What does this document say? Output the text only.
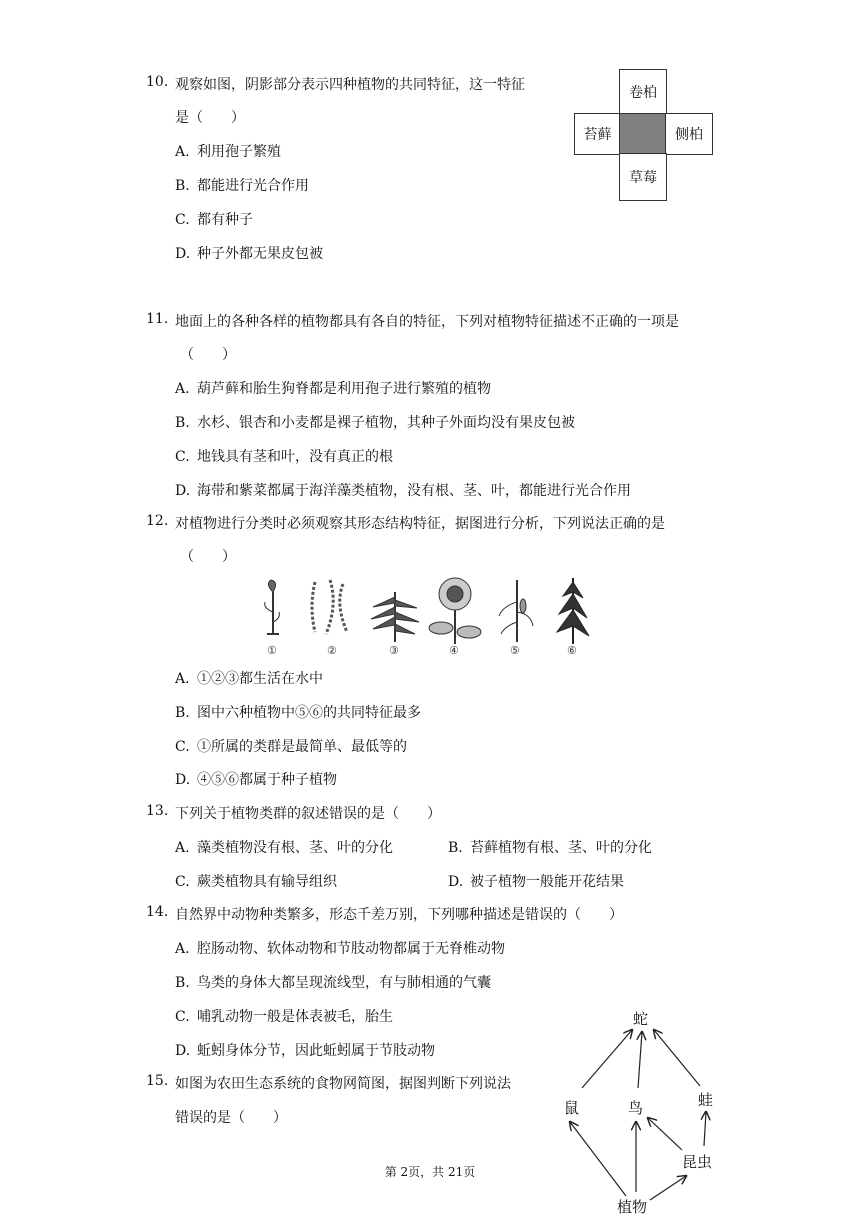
10. 观察如图，阴影部分表示四种植物的共同特征，这一特征
是（　　）
A. 利用孢子繁殖
B. 都能进行光合作用
C. 都有种子
D. 种子外都无果皮包被
卷柏
苔藓	侧柏
草莓
11. 地面上的各种各样的植物都具有各自的特征，下列对植物特征描述不正确的一项是
（　　）
A. 葫芦藓和胎生狗脊都是利用孢子进行繁殖的植物
B. 水杉、银杏和小麦都是裸子植物，其种子外面均没有果皮包被
C. 地钱具有茎和叶，没有真正的根
D. 海带和紫菜都属于海洋藻类植物，没有根、茎、叶，都能进行光合作用
12. 对植物进行分类时必须观察其形态结构特征，据图进行分析，下列说法正确的是
（　　）
①	②	③	④	⑤	⑥
A. ①②③都生活在水中
B. 图中六种植物中⑤⑥的共同特征最多
C. ①所属的类群是最简单、最低等的
D. ④⑤⑥都属于种子植物
13. 下列关于植物类群的叙述错误的是（　　）
A. 藻类植物没有根、茎、叶的分化	B. 苔藓植物有根、茎、叶的分化
C. 蕨类植物具有输导组织	D. 被子植物一般能开花结果
14. 自然界中动物种类繁多，形态千差万别，下列哪种描述是错误的（　　）
A. 腔肠动物、软体动物和节肢动物都属于无脊椎动物
B. 鸟类的身体大都呈现流线型，有与肺相通的气囊
C. 哺乳动物一般是体表被毛，胎生
D. 蚯蚓身体分节，因此蚯蚓属于节肢动物
15. 如图为农田生态系统的食物网简图，据图判断下列说法
错误的是（　　）
蛇
鼠	鸟	蛙
昆虫
植物
第 2页，共 21页
